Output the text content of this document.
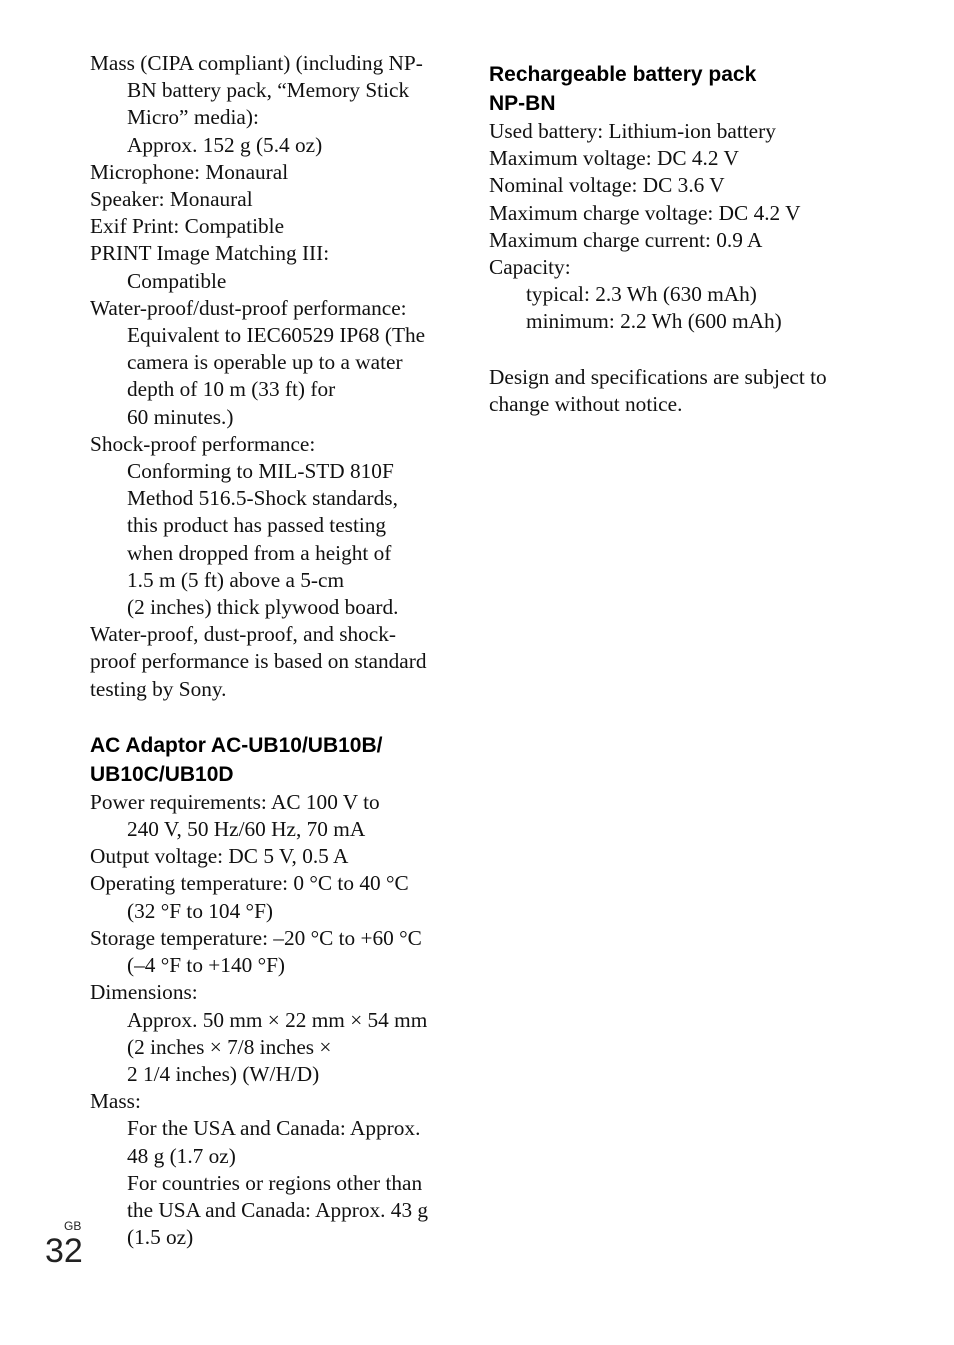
Mass (CIPA compliant) (including NP-
BN battery pack, “Memory Stick
Micro” media):
Approx. 152 g (5.4 oz)
Microphone: Monaural
Speaker: Monaural
Exif Print: Compatible
PRINT Image Matching III:
Compatible
Water-proof/dust-proof performance:
Equivalent to IEC60529 IP68 (The
camera is operable up to a water
depth of 10 m (33 ft) for
60 minutes.)
Shock-proof performance:
Conforming to MIL-STD 810F
Method 516.5-Shock standards,
this product has passed testing
when dropped from a height of
1.5 m (5 ft) above a 5-cm
(2 inches) thick plywood board.
Water-proof, dust-proof, and shock-
proof performance is based on standard
testing by Sony.
AC Adaptor AC-UB10/UB10B/
UB10C/UB10D
Power requirements: AC 100 V to
240 V, 50 Hz/60 Hz, 70 mA
Output voltage: DC 5 V, 0.5 A
Operating temperature: 0 °C to 40 °C
(32 °F to 104 °F)
Storage temperature: –20 °C to +60 °C
(–4 °F to +140 °F)
Dimensions:
Approx. 50 mm × 22 mm × 54 mm
(2 inches × 7/8 inches ×
2 1/4 inches) (W/H/D)
Mass:
For the USA and Canada: Approx.
48 g (1.7 oz)
For countries or regions other than
the USA and Canada: Approx. 43 g
(1.5 oz)
Rechargeable battery pack
NP-BN
Used battery: Lithium-ion battery
Maximum voltage: DC 4.2 V
Nominal voltage: DC 3.6 V
Maximum charge voltage: DC 4.2 V
Maximum charge current: 0.9 A
Capacity:
typical: 2.3 Wh (630 mAh)
minimum: 2.2 Wh (600 mAh)
Design and specifications are subject to
change without notice.
GB
32
